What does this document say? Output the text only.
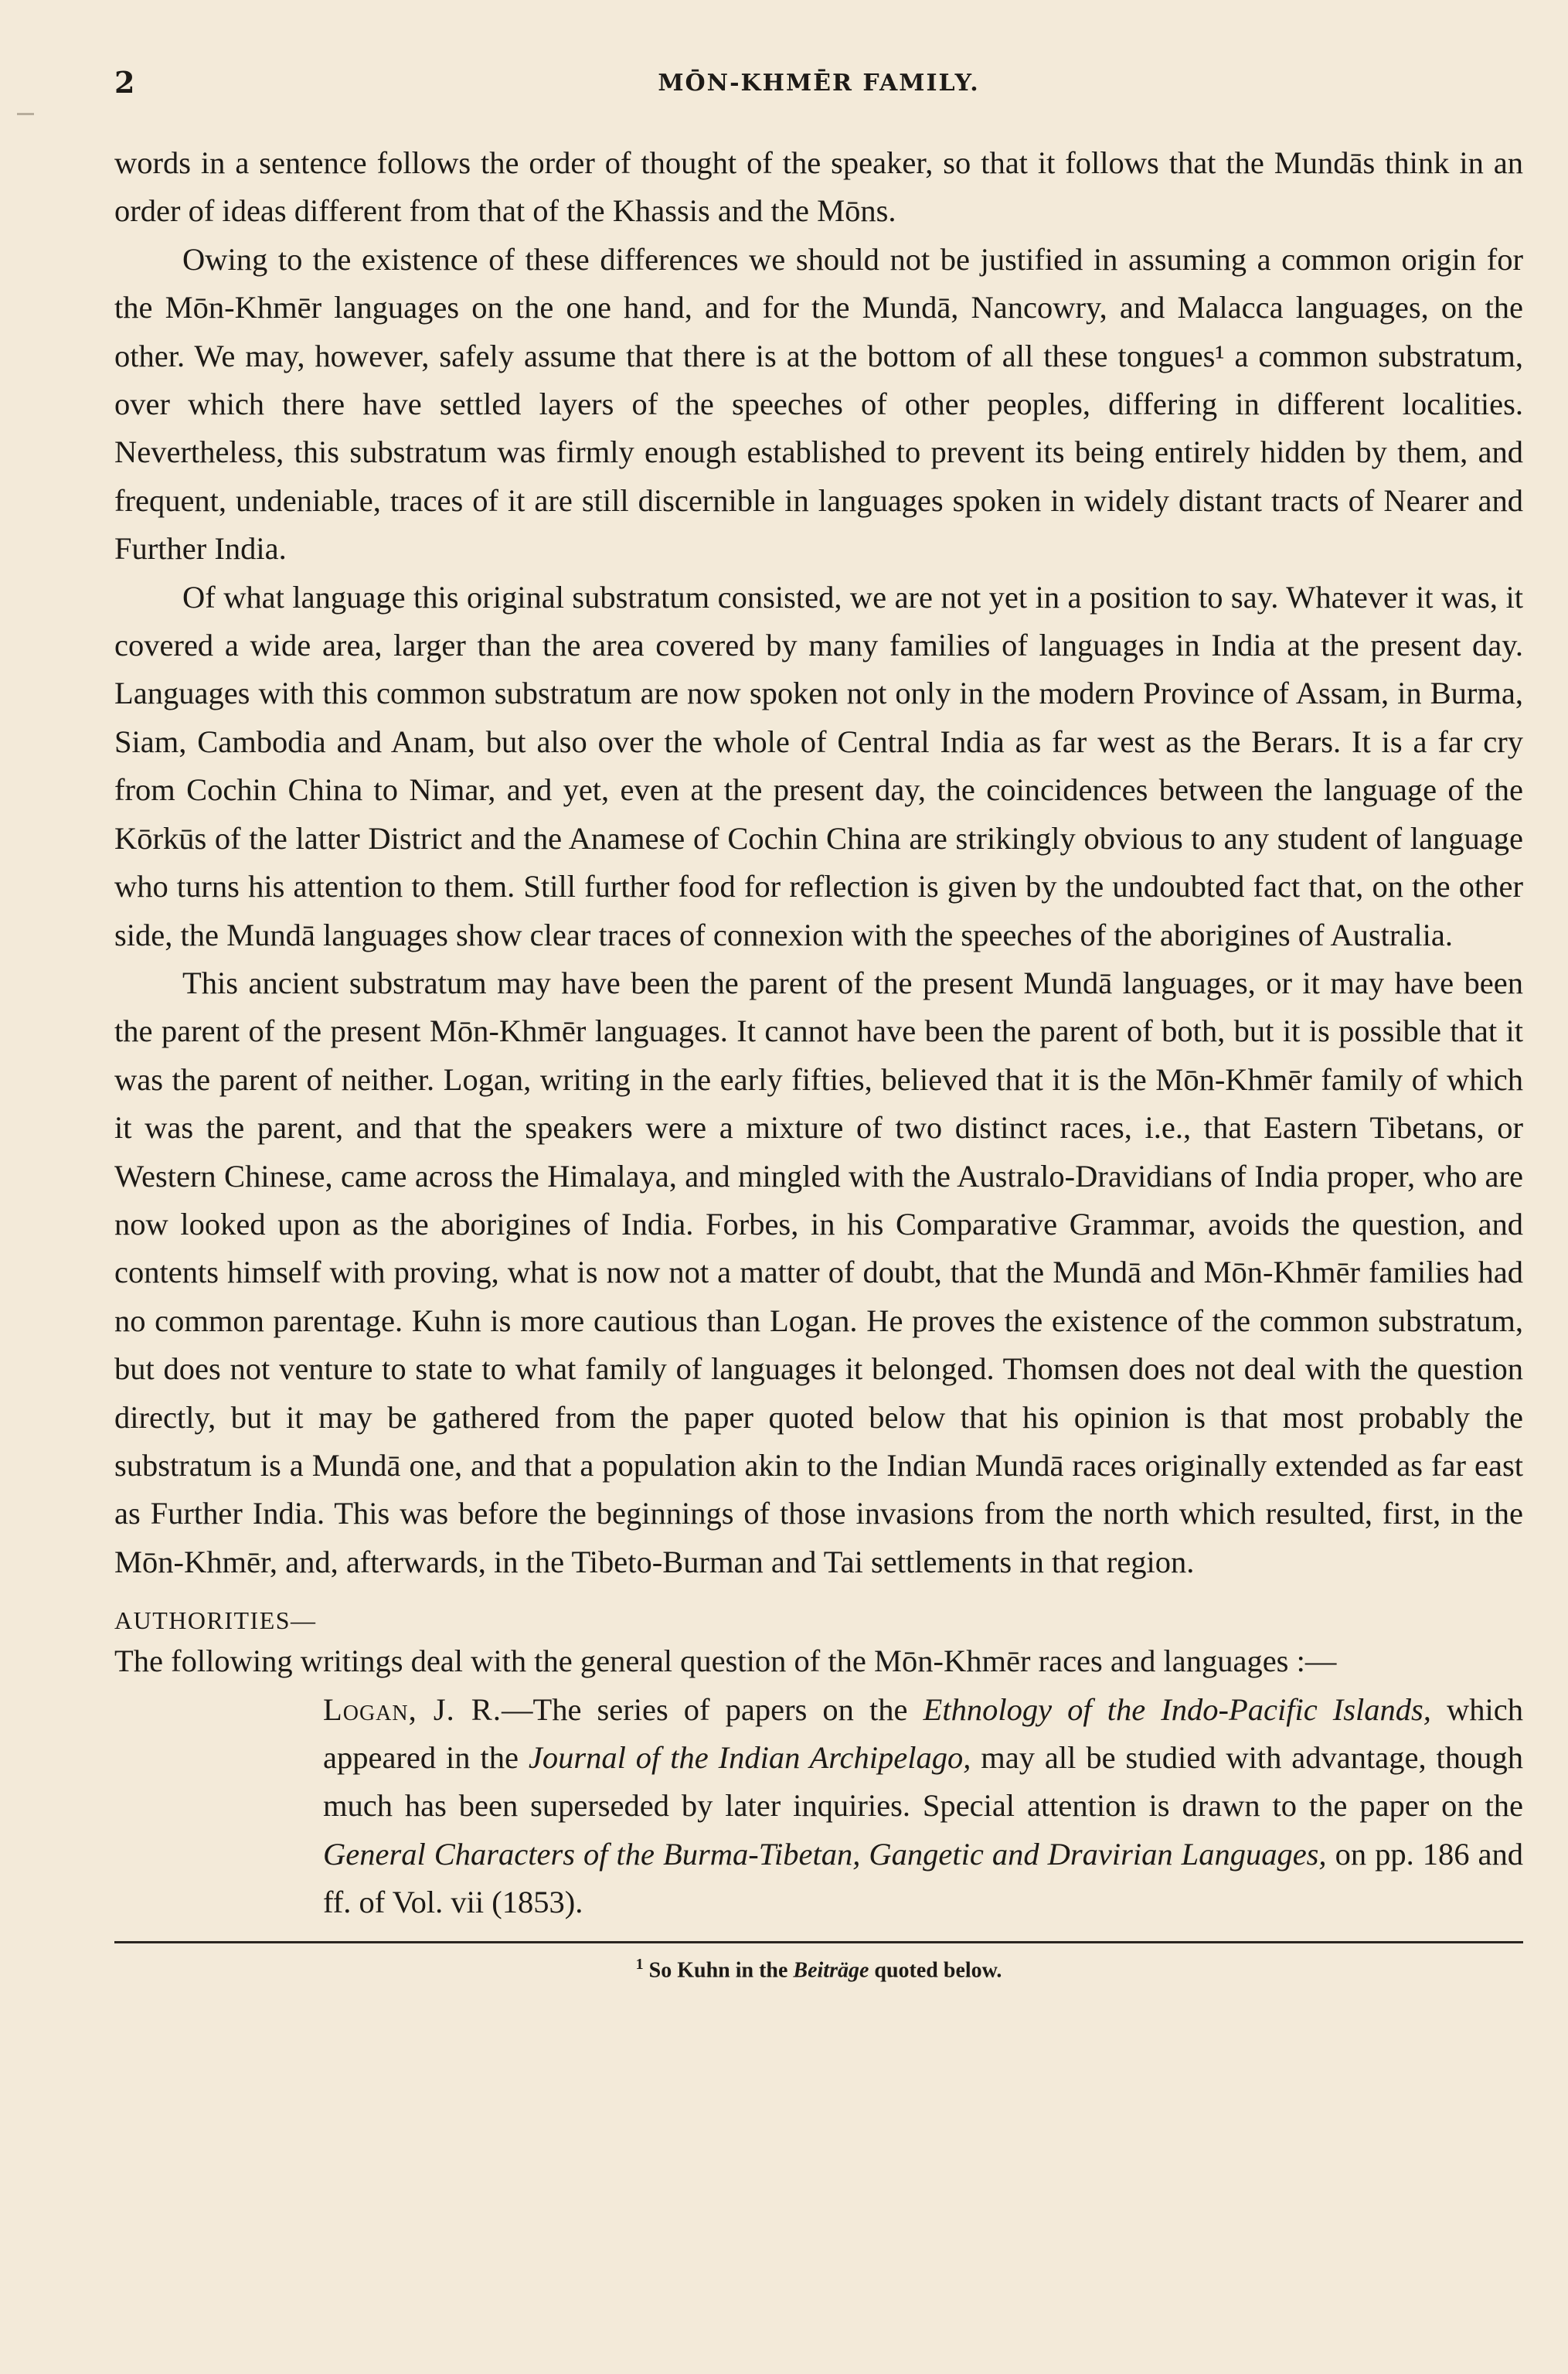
2	MŌN-KHMĒR FAMILY.

words in a sentence follows the order of thought of the speaker, so that it follows that the Mundās think in an order of ideas different from that of the Khassis and the Mōns.

Owing to the existence of these differences we should not be justified in assuming a common origin for the Mōn-Khmēr languages on the one hand, and for the Mundā, Nancowry, and Malacca languages, on the other. We may, however, safely assume that there is at the bottom of all these tongues¹ a common substratum, over which there have settled layers of the speeches of other peoples, differing in different localities. Nevertheless, this substratum was firmly enough established to prevent its being entirely hidden by them, and frequent, undeniable, traces of it are still discernible in languages spoken in widely distant tracts of Nearer and Further India.

Of what language this original substratum consisted, we are not yet in a position to say. Whatever it was, it covered a wide area, larger than the area covered by many families of languages in India at the present day. Languages with this common substratum are now spoken not only in the modern Province of Assam, in Burma, Siam, Cambodia and Anam, but also over the whole of Central India as far west as the Berars. It is a far cry from Cochin China to Nimar, and yet, even at the present day, the coincidences between the language of the Kōrkūs of the latter District and the Anamese of Cochin China are strikingly obvious to any student of language who turns his attention to them. Still further food for reflection is given by the undoubted fact that, on the other side, the Mundā languages show clear traces of connexion with the speeches of the aborigines of Australia.

This ancient substratum may have been the parent of the present Mundā languages, or it may have been the parent of the present Mōn-Khmēr languages. It cannot have been the parent of both, but it is possible that it was the parent of neither. Logan, writing in the early fifties, believed that it is the Mōn-Khmēr family of which it was the parent, and that the speakers were a mixture of two distinct races, i.e., that Eastern Tibetans, or Western Chinese, came across the Himalaya, and mingled with the Australo-Dravidians of India proper, who are now looked upon as the aborigines of India. Forbes, in his Comparative Grammar, avoids the question, and contents himself with proving, what is now not a matter of doubt, that the Mundā and Mōn-Khmēr families had no common parentage. Kuhn is more cautious than Logan. He proves the existence of the common substratum, but does not venture to state to what family of languages it belonged. Thomsen does not deal with the question directly, but it may be gathered from the paper quoted below that his opinion is that most probably the substratum is a Mundā one, and that a population akin to the Indian Mundā races originally extended as far east as Further India. This was before the beginnings of those invasions from the north which resulted, first, in the Mōn-Khmēr, and, afterwards, in the Tibeto-Burman and Tai settlements in that region.

AUTHORITIES—

The following writings deal with the general question of the Mōn-Khmēr races and languages :—

Logan, J. R.—The series of papers on the Ethnology of the Indo-Pacific Islands, which appeared in the Journal of the Indian Archipelago, may all be studied with advantage, though much has been superseded by later inquiries. Special attention is drawn to the paper on the General Characters of the Burma-Tibetan, Gangetic and Dravirian Languages, on pp. 186 and ff. of Vol. vii (1853).

$^1$ So Kuhn in the Beiträge quoted below.
